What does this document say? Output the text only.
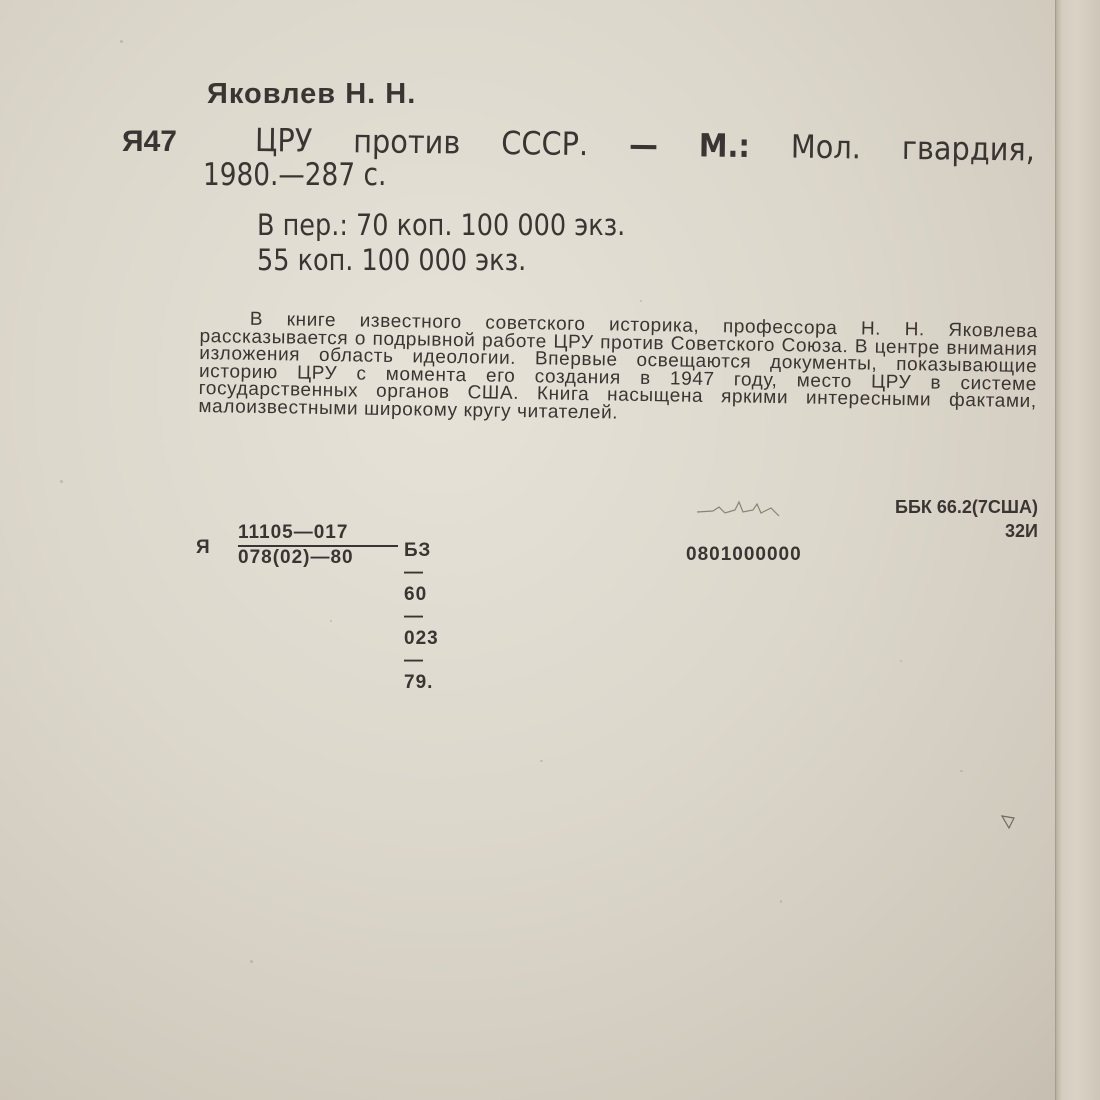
Яковлев Н. Н.
Я47 ЦРУ против СССР. — М.: Мол. гвардия,
1980.—287 с.
В пер.: 70 коп. 100 000 экз.
55 коп. 100 000 экз.
В книге известного советского историка, профессора Н. Н. Яковлева рассказывается о подрывной работе ЦРУ против Советского Союза. В центре внимания изложения область идеологии. Впервые освещаются документы, показывающие историю ЦРУ с момента его создания в 1947 году, место ЦРУ в системе государственных органов США. Книга насыщена яркими интересными фактами, малоизвестными широкому кругу читателей.
ББК 66.2(7США)
32И
Я $\frac{11105—017}{078(02)—80}$ БЗ—60—023—79.
0801000000
